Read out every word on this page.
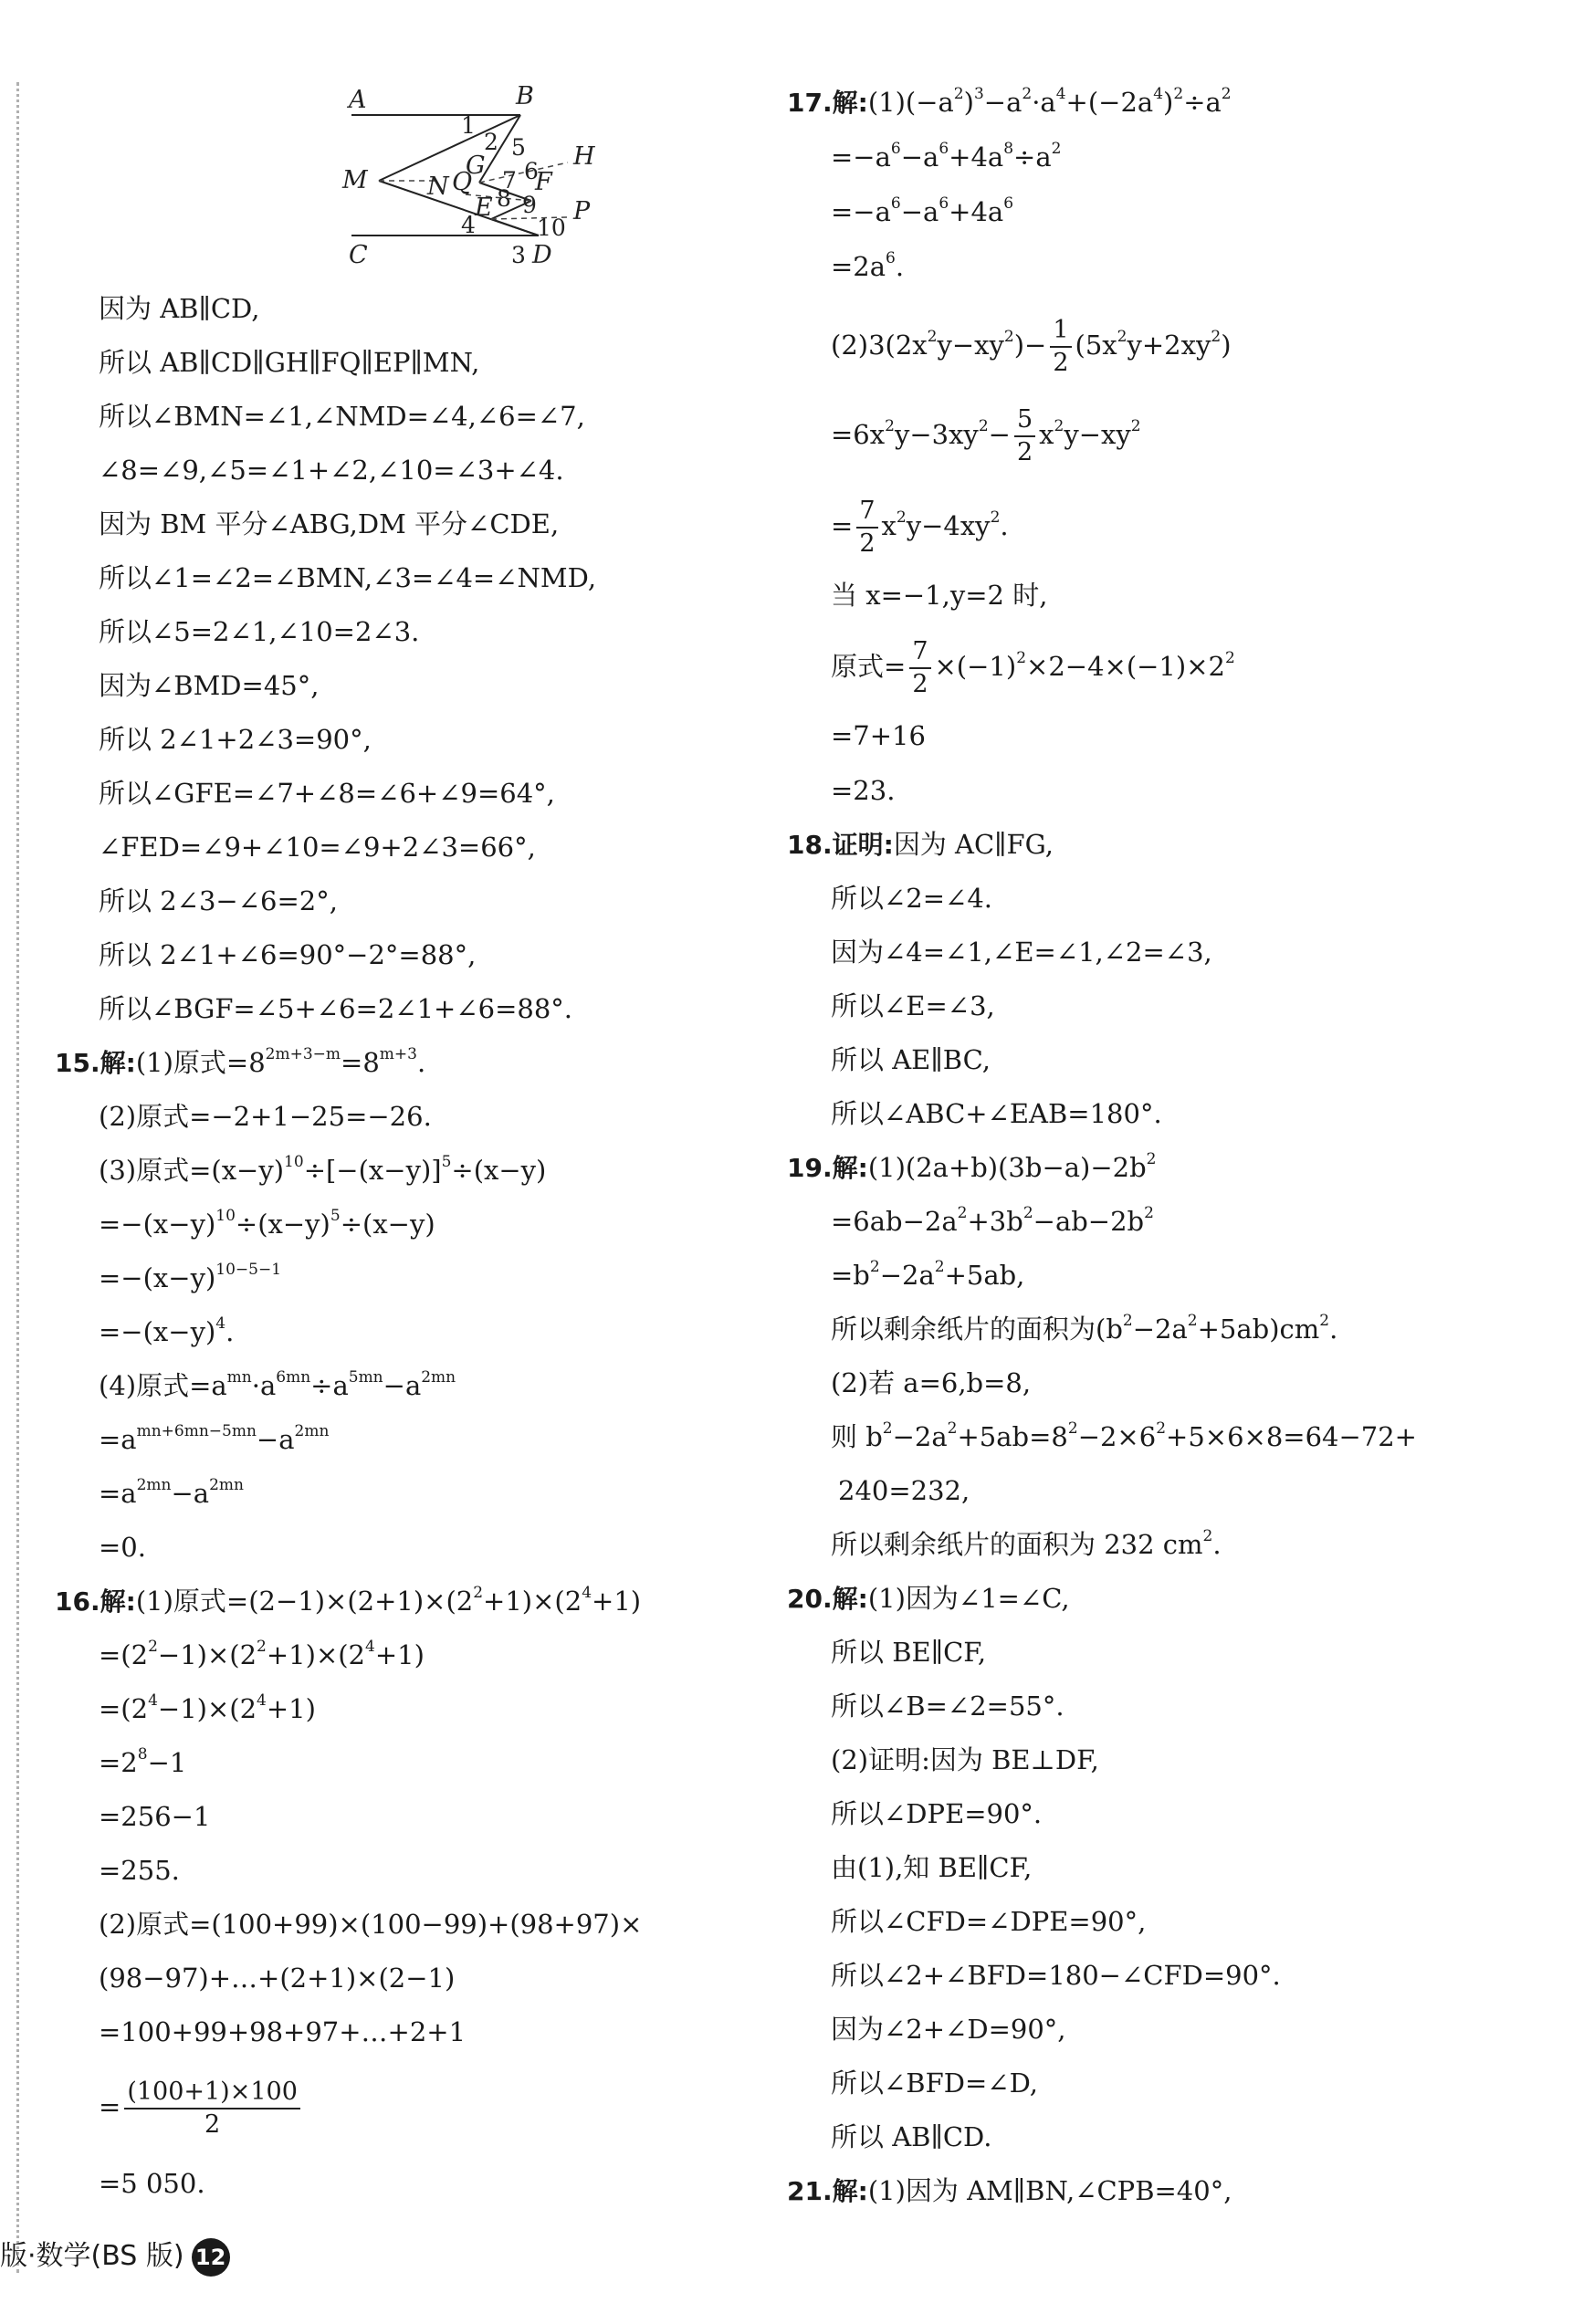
A	B
C	D
M N Q
G
E
F
H
P
1
2
3
4
5
6
7
8 9
10
因为 AB∥CD,
所以 AB∥CD∥GH∥FQ∥EP∥MN,
所以∠BMN=∠1,∠NMD=∠4,∠6=∠7,
∠8=∠9,∠5=∠1+∠2,∠10=∠3+∠4.
因为 BM 平分∠ABG,DM 平分∠CDE,
所以∠1=∠2=∠BMN,∠3=∠4=∠NMD,
所以∠5=2∠1,∠10=2∠3.
因为∠BMD=45°,
所以 2∠1+2∠3=90°,
所以∠GFE=∠7+∠8=∠6+∠9=64°,
∠FED=∠9+∠10=∠9+2∠3=66°,
所以 2∠3−∠6=2°,
所以 2∠1+∠6=90°−2°=88°,
所以∠BGF=∠5+∠6=2∠1+∠6=88°.
15.解:(1)原式$=8^{2m+3-m}=8^{m+3}$.
(2)原式=−2+1−25=−26.
(3)原式$=(x-y)^{10}\div[-(x-y)]^5\div(x-y)$
$=-(x-y)^{10}\div(x-y)^5\div(x-y)$
$=-(x-y)^{10-5-1}$
$=-(x-y)^4$.
(4)原式$=a^{mn}\cdot a^{6mn}\div a^{5mn}-a^{2mn}$
$=a^{mn+6mn-5mn}-a^{2mn}$
$=a^{2mn}-a^{2mn}$
=0.
16.解:(1)原式$=(2-1)\times(2+1)\times(2^2+1)\times(2^4+1)$
$=(2^2-1)\times(2^2+1)\times(2^4+1)$
$=(2^4-1)\times(2^4+1)$
$=2^8-1$
=256−1
=255.
(2)原式=(100+99)×(100−99)+(98+97)×
(98−97)+…+(2+1)×(2−1)
=100+99+98+97+…+2+1
= $\frac{(100+1)\times 100}{2}$
=5 050.
17.解$:(1)(-a^2)^3-a^2\cdot a^4+(-2a^4)^2\div a^2$
$=-a^6-a^6+4a^8\div a^2$
$=-a^6-a^6+4a^6$
$=2a^6$.
$(2)3(2x^2y-xy^2)- \frac{1}{2} (5x^2y+2xy^2)$
$=6x^2y-3xy^2- \frac{5}{2} x^2y-xy^2$
= $\frac{7}{2} x^2y-4xy^2$.
当 x=−1,y=2 时,
原式= $\frac{7}{2} \times(-1)^2\times 2-4\times(-1)\times 2^2$
=7+16
=23.
18.证明:因为 AC∥FG,
所以∠2=∠4.
因为∠4=∠1,∠E=∠1,∠2=∠3,
所以∠E=∠3,
所以 AE∥BC,
所以∠ABC+∠EAB=180°.
19.解$:(1)(2a+b)(3b-a)-2b^2$
$=6ab-2a^2+3b^2-ab-2b^2$
$=b^2-2a^2+5ab$,
所以剩余纸片的面积为$(b^2-2a^2+5ab)cm^2$.
(2)若 a=6,b=8,
则 $b^2-2a^2+5ab=8^2-2\times 6^2+5\times 6\times 8=64-72+$
240=232,
所以剩余纸片的面积为 232 $cm^2$.
20.解:(1)因为∠1=∠C,
所以 BE∥CF,
所以∠B=∠2=55°.
(2)证明:因为 BE⊥DF,
所以∠DPE=90°.
由(1),知 BE∥CF,
所以∠CFD=∠DPE=90°,
所以∠2+∠BFD=180−∠CFD=90°.
因为∠2+∠D=90°,
所以∠BFD=∠D,
所以 AB∥CD.
21.解:(1)因为 AM∥BN,∠CPB=40°,
版·数学(BS 版) 12
